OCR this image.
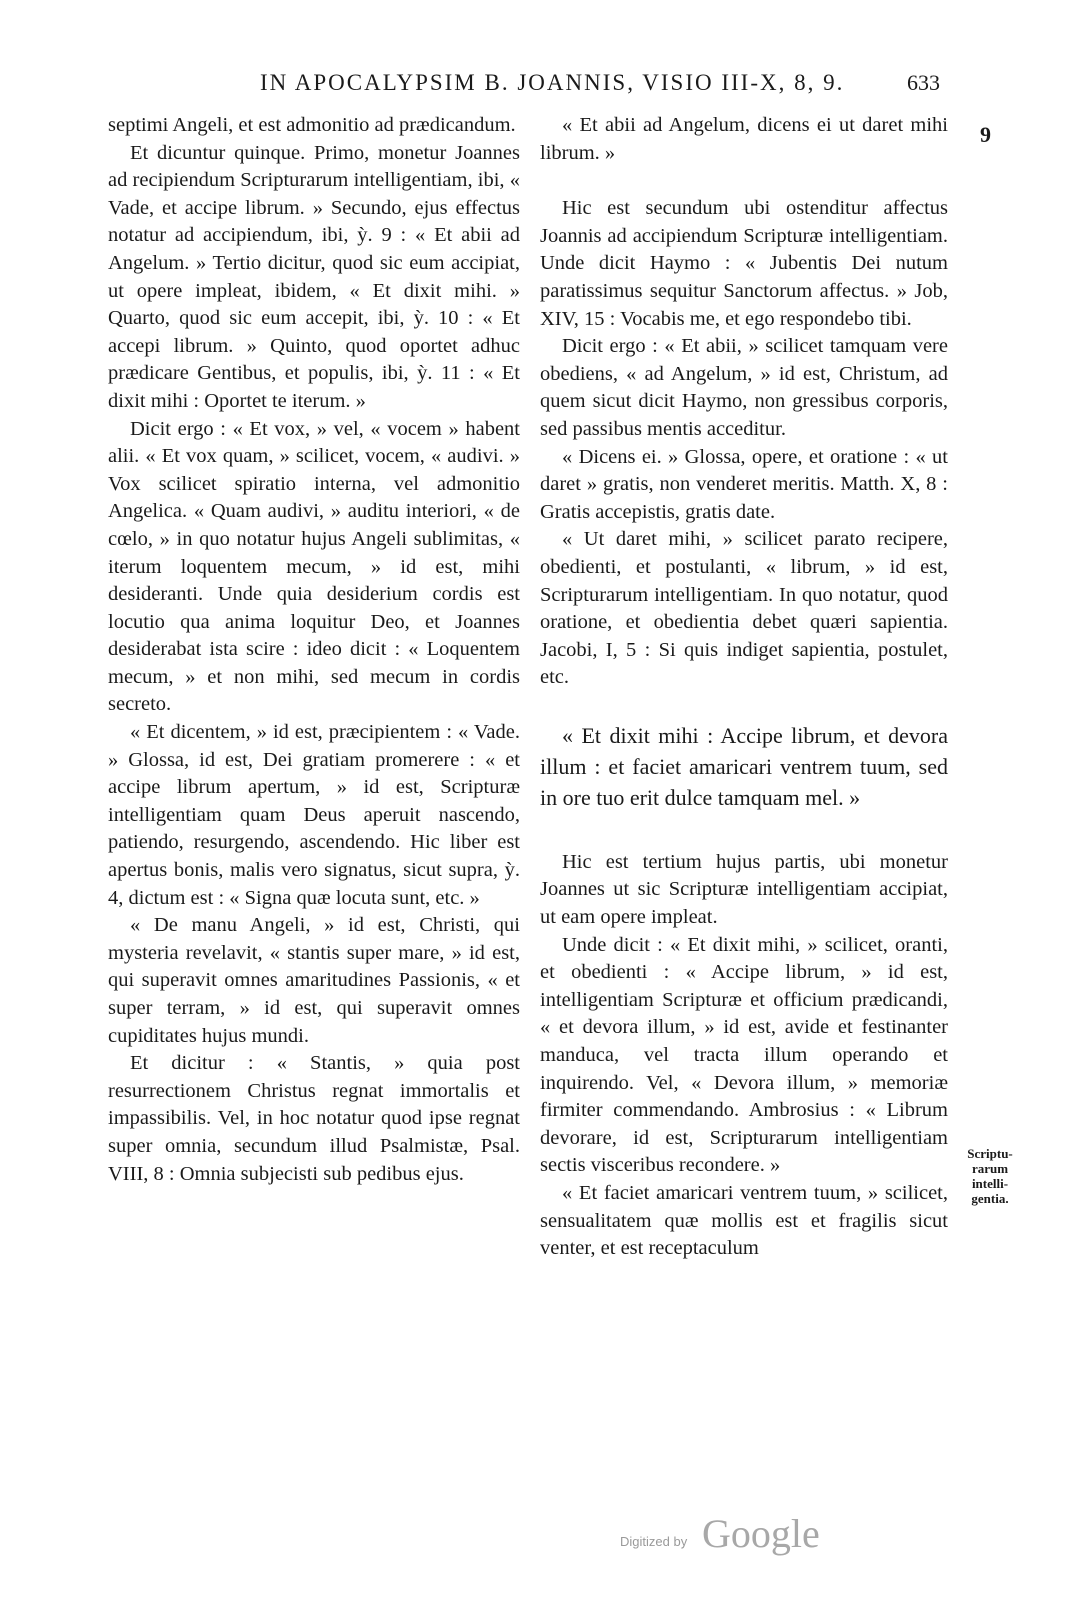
IN APOCALYPSIM B. JOANNIS, VISIO III-X, 8, 9.	633
9

septimi Angeli, et est admonitio ad prædicandum.

Et dicuntur quinque. Primo, monetur Joannes ad recipiendum Scripturarum intelligentiam, ibi, « Vade, et accipe librum. » Secundo, ejus effectus notatur ad accipiendum, ibi, ỳ. 9 : « Et abii ad Angelum. » Tertio dicitur, quod sic eum accipiat, ut opere impleat, ibidem, « Et dixit mihi. » Quarto, quod sic eum accepit, ibi, ỳ. 10 : « Et accepi librum. » Quinto, quod oportet adhuc prædicare Gentibus, et populis, ibi, ỳ. 11 : « Et dixit mihi : Oportet te iterum. »

Dicit ergo : « Et vox, » vel, « vocem » habent alii. « Et vox quam, » scilicet, vocem, « audivi. » Vox scilicet spiratio interna, vel admonitio Angelica. « Quam audivi, » auditu interiori, « de cœlo, » in quo notatur hujus Angeli sublimitas, « iterum loquentem mecum, » id est, mihi desideranti. Unde quia desiderium cordis est locutio qua anima loquitur Deo, et Joannes desiderabat ista scire : ideo dicit : « Loquentem mecum, » et non mihi, sed mecum in cordis secreto.

« Et dicentem, » id est, præcipientem : « Vade. » Glossa, id est, Dei gratiam promerere : « et accipe librum apertum, » id est, Scripturæ intelligentiam quam Deus aperuit nascendo, patiendo, resurgendo, ascendendo. Hic liber est apertus bonis, malis vero signatus, sicut supra, ỳ. 4, dictum est : « Signa quæ locuta sunt, etc. »

« De manu Angeli, » id est, Christi, qui mysteria revelavit, « stantis super mare, » id est, qui superavit omnes amaritudines Passionis, « et super terram, » id est, qui superavit omnes cupiditates hujus mundi.

Et dicitur : « Stantis, » quia post resurrectionem Christus regnat immortalis et impassibilis. Vel, in hoc notatur quod ipse regnat super omnia, secundum illud Psalmistæ, Psal. VIII, 8 : Omnia subjecisti sub pedibus ejus.

« Et abii ad Angelum, dicens ei ut daret mihi librum. »

Hic est secundum ubi ostenditur affectus Joannis ad accipiendum Scripturæ intelligentiam. Unde dicit Haymo : « Jubentis Dei nutum paratissimus sequitur Sanctorum affectus. » Job, XIV, 15 : Vocabis me, et ego respondebo tibi.

Dicit ergo : « Et abii, » scilicet tamquam vere obediens, « ad Angelum, » id est, Christum, ad quem sicut dicit Haymo, non gressibus corporis, sed passibus mentis acceditur.

« Dicens ei. » Glossa, opere, et oratione : « ut daret » gratis, non venderet meritis. Matth. X, 8 : Gratis accepistis, gratis date.

« Ut daret mihi, » scilicet parato recipere, obedienti, et postulanti, « librum, » id est, Scripturarum intelligentiam. In quo notatur, quod oratione, et obedientia debet quæri sapientia. Jacobi, I, 5 : Si quis indiget sapientia, postulet, etc.

« Et dixit mihi : Accipe librum, et devora illum : et faciet amaricari ventrem tuum, sed in ore tuo erit dulce tamquam mel. »

Hic est tertium hujus partis, ubi monetur Joannes ut sic Scripturæ intelligentiam accipiat, ut eam opere impleat.

Unde dicit : « Et dixit mihi, » scilicet, oranti, et obedienti : « Accipe librum, » id est, intelligentiam Scripturæ et officium prædicandi, « et devora illum, » id est, avide et festinanter manduca, vel tracta illum operando et inquirendo. Vel, « Devora illum, » memoriæ firmiter commendando. Ambrosius : « Librum devorare, id est, Scripturarum intelligentiam sectis visceribus recondere. »

« Et faciet amaricari ventrem tuum, » scilicet, sensualitatem quæ mollis est et fragilis sicut venter, et est receptaculum

Scriptu-
rarum
intelli-
gentia.
Digitized by Google
